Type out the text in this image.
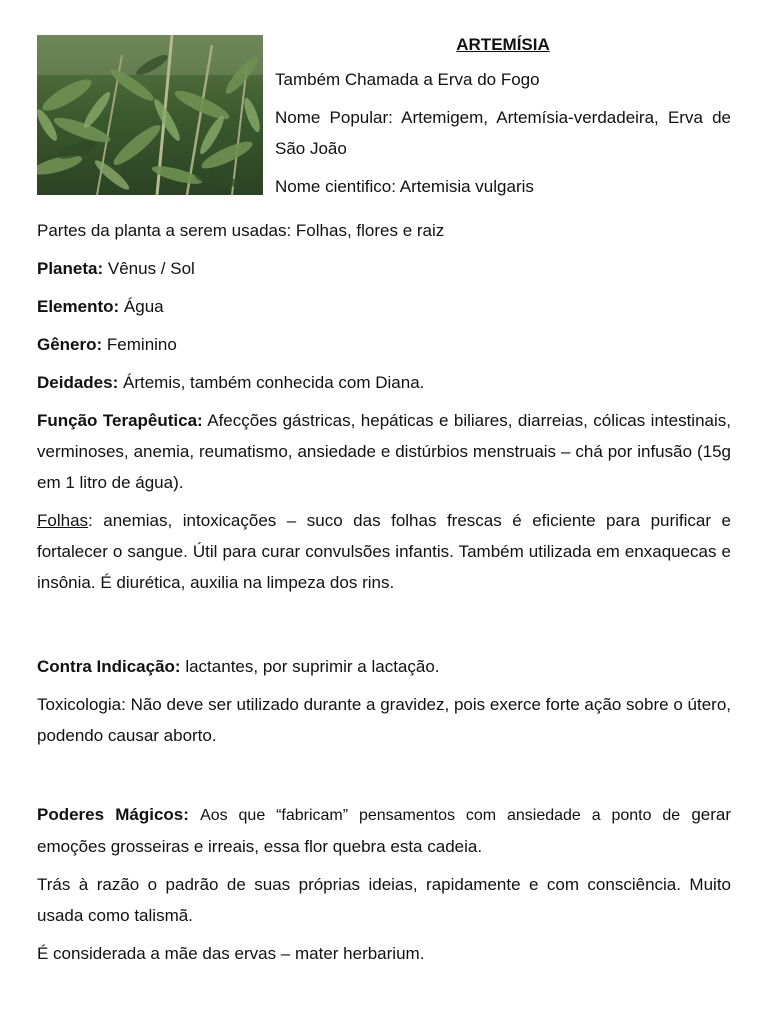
ARTEMÍSIA

Também Chamada a Erva do Fogo

Nome Popular: Artemigem, Artemísia-verdadeira, Erva de São João

Nome cientifico: Artemisia vulgaris

Partes da planta a serem usadas: Folhas, flores e raiz

Planeta: Vênus / Sol

Elemento: Água

Gênero: Feminino

Deidades: Ártemis, também conhecida com Diana.

Função Terapêutica: Afecções gástricas, hepáticas e biliares, diarreias, cólicas intestinais, verminoses, anemia, reumatismo, ansiedade e distúrbios menstruais – chá por infusão (15g em 1 litro de água).

Folhas: anemias, intoxicações – suco das folhas frescas é eficiente para purificar e fortalecer o sangue. Útil para curar convulsões infantis. Também utilizada em enxaquecas e insônia. É diurética, auxilia na limpeza dos rins.

Contra Indicação: lactantes, por suprimir a lactação.

Toxicologia: Não deve ser utilizado durante a gravidez, pois exerce forte ação sobre o útero, podendo causar aborto.

Poderes Mágicos: Aos que “fabricam” pensamentos com ansiedade a ponto de gerar emoções grosseiras e irreais, essa flor quebra esta cadeia.

Trás à razão o padrão de suas próprias ideias, rapidamente e com consciência. Muito usada como talismã.

É considerada a mãe das ervas – mater herbarium.
